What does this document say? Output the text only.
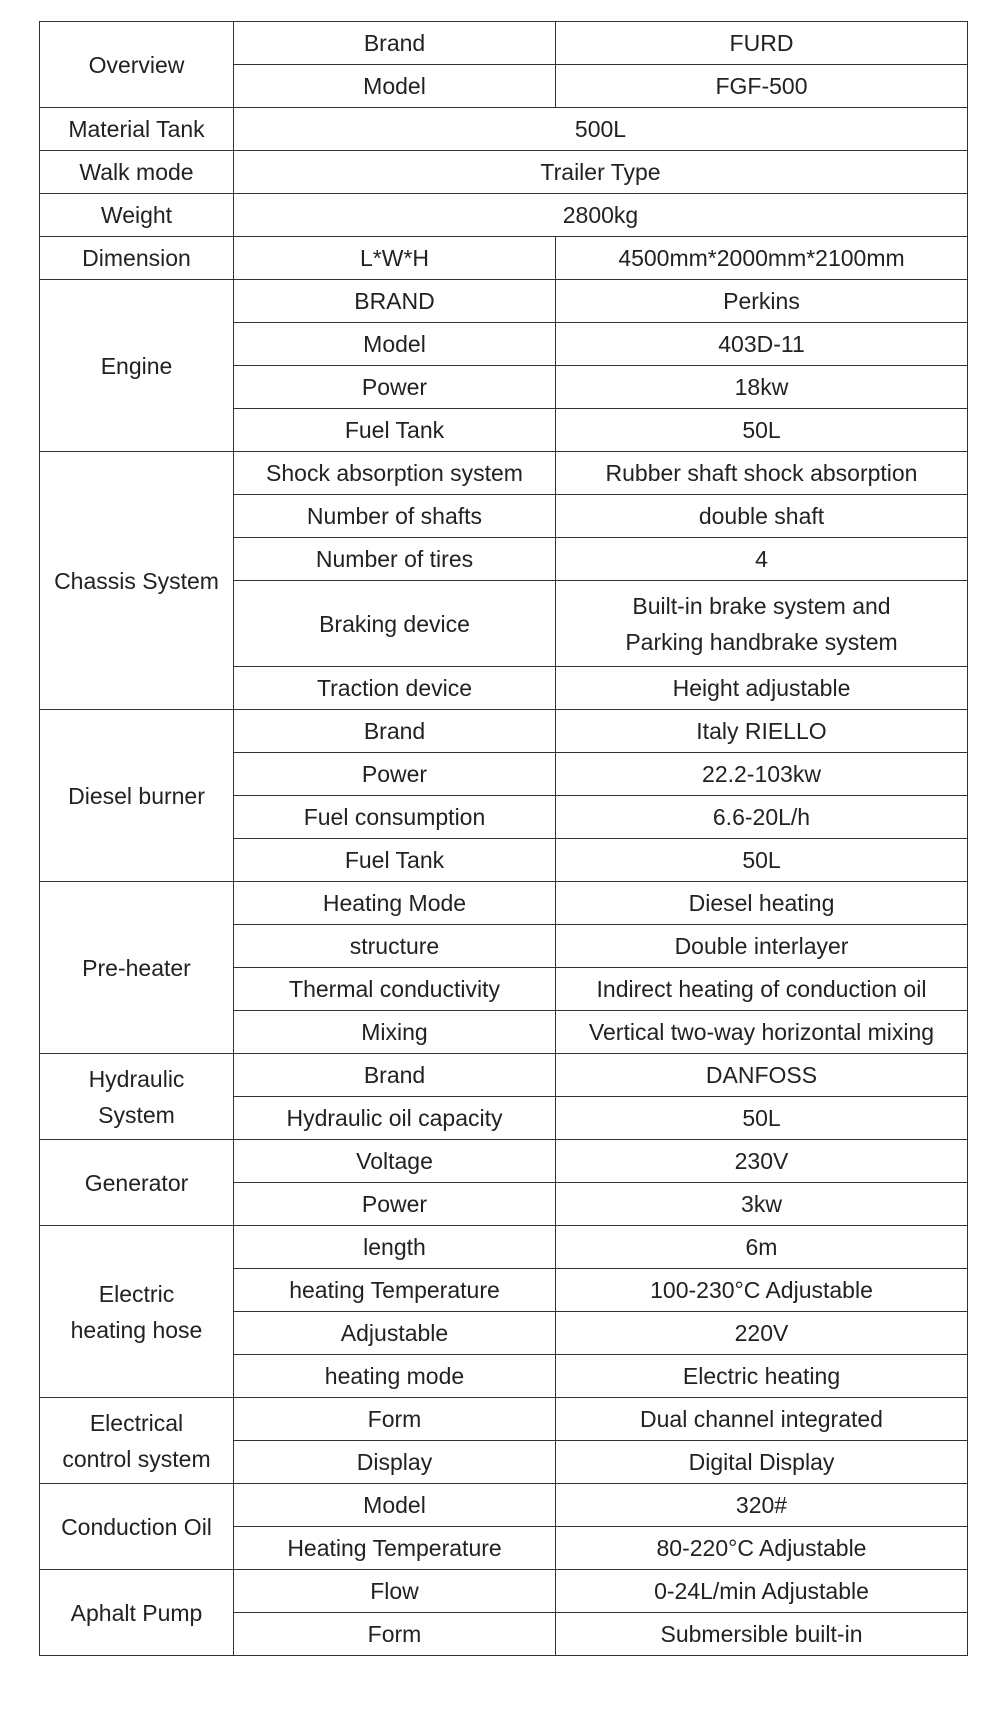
Overview	Brand	FURD
	Model	FGF-500
Material Tank	500L	
Walk mode	Trailer Type	
Weight	2800kg	
Dimension	L*W*H	4500mm*2000mm*2100mm
Engine	BRAND	Perkins
	Model	403D-11
	Power	18kw
	Fuel Tank	50L
Chassis System	Shock absorption system	Rubber shaft shock absorption
	Number of shafts	double shaft
	Number of tires	4
	Braking device	Built-in brake system and
Parking handbrake system

	Traction device	Height adjustable
Diesel burner	Brand	Italy RIELLO
	Power	22.2-103kw
	Fuel consumption	6.6-20L/h
	Fuel Tank	50L
Pre-heater	Heating Mode	Diesel heating
	structure	Double interlayer
	Thermal conductivity	Indirect heating of conduction oil
	Mixing	Vertical two-way horizontal mixing

Hydraulic
System	Brand	DANFOSS
	Hydraulic oil capacity	50L
Generator	Voltage	230V
	Power	3kw

Electric
heating hose	length	6m
	heating Temperature	100-230°C Adjustable
	Adjustable	220V
	heating mode	Electric heating

Electrical
control system	Form	Dual channel integrated
	Display	Digital Display
Conduction Oil	Model	320#
	Heating Temperature	80-220°C Adjustable
Aphalt Pump	Flow	0-24L/min Adjustable
	Form	Submersible built-in
